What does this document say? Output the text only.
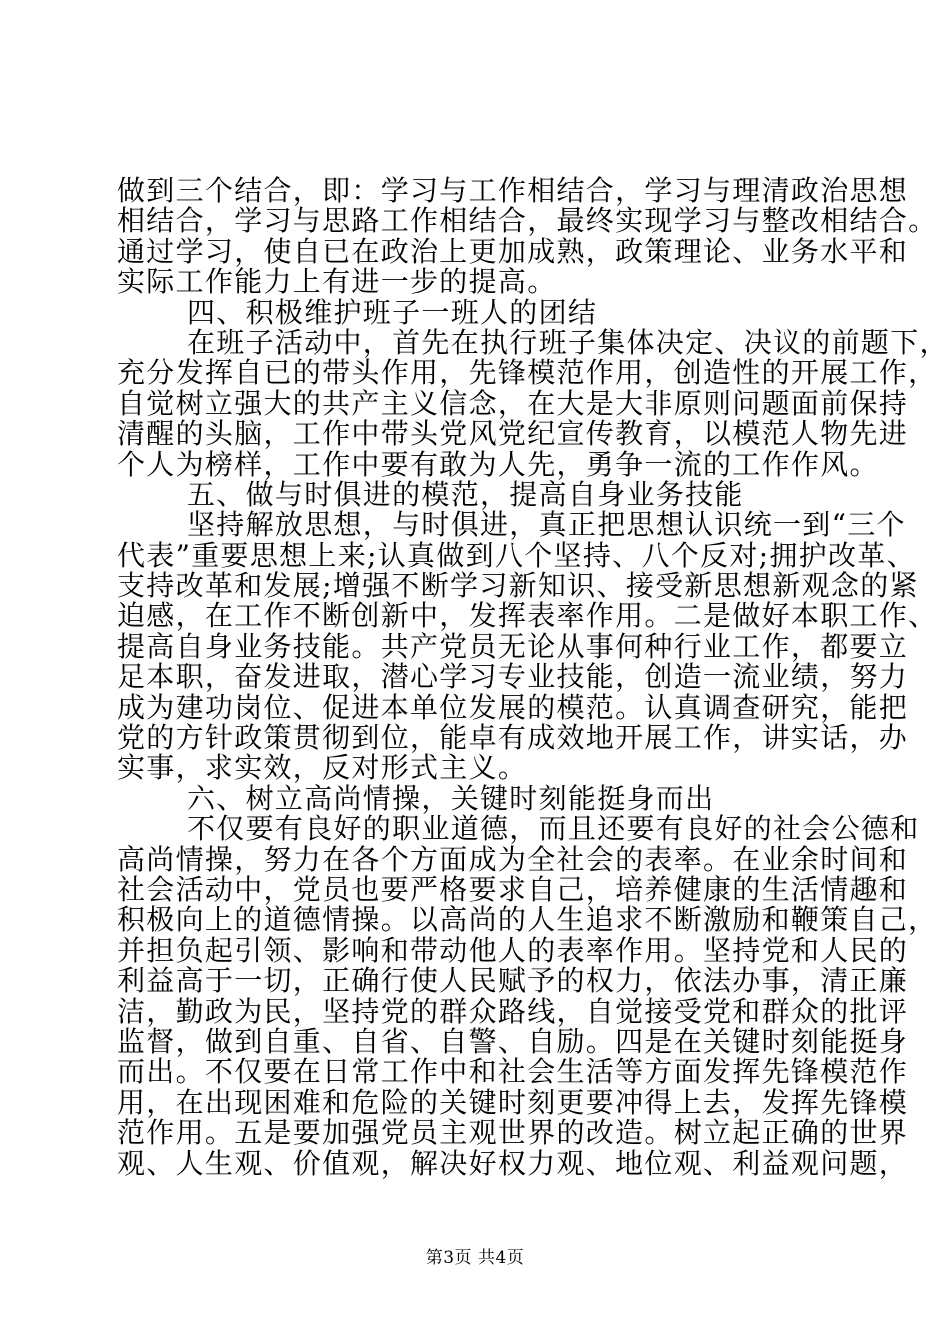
做到三个结合，即：学习与工作相结合，学习与理清政治思想
相结合，学习与思路工作相结合，最终实现学习与整改相结合。
通过学习，使自已在政治上更加成熟，政策理论、业务水平和
实际工作能力上有进一步的提高。
四、积极维护班子一班人的团结
在班子活动中，首先在执行班子集体决定、决议的前题下，
充分发挥自已的带头作用，先锋模范作用，创造性的开展工作，
自觉树立强大的共产主义信念，在大是大非原则问题面前保持
清醒的头脑，工作中带头党风党纪宣传教育，以模范人物先进
个人为榜样，工作中要有敢为人先，勇争一流的工作作风。
五、做与时俱进的模范，提高自身业务技能
坚持解放思想，与时俱进，真正把思想认识统一到“三个
代表”重要思想上来;认真做到八个坚持、八个反对;拥护改革、
支持改革和发展;增强不断学习新知识、接受新思想新观念的紧
迫感，在工作不断创新中，发挥表率作用。二是做好本职工作、
提高自身业务技能。共产党员无论从事何种行业工作，都要立
足本职，奋发进取，潜心学习专业技能，创造一流业绩，努力
成为建功岗位、促进本单位发展的模范。认真调查研究，能把
党的方针政策贯彻到位，能卓有成效地开展工作，讲实话，办
实事，求实效，反对形式主义。
六、树立高尚情操，关键时刻能挺身而出
不仅要有良好的职业道德，而且还要有良好的社会公德和
高尚情操，努力在各个方面成为全社会的表率。在业余时间和
社会活动中，党员也要严格要求自己，培养健康的生活情趣和
积极向上的道德情操。以高尚的人生追求不断激励和鞭策自己，
并担负起引领、影响和带动他人的表率作用。坚持党和人民的
利益高于一切，正确行使人民赋予的权力，依法办事，清正廉
洁，勤政为民，坚持党的群众路线，自觉接受党和群众的批评
监督，做到自重、自省、自警、自励。四是在关键时刻能挺身
而出。不仅要在日常工作中和社会生活等方面发挥先锋模范作
用，在出现困难和危险的关键时刻更要冲得上去，发挥先锋模
范作用。五是要加强党员主观世界的改造。树立起正确的世界
观、人生观、价值观，解决好权力观、地位观、利益观问题，
第3页 共4页
